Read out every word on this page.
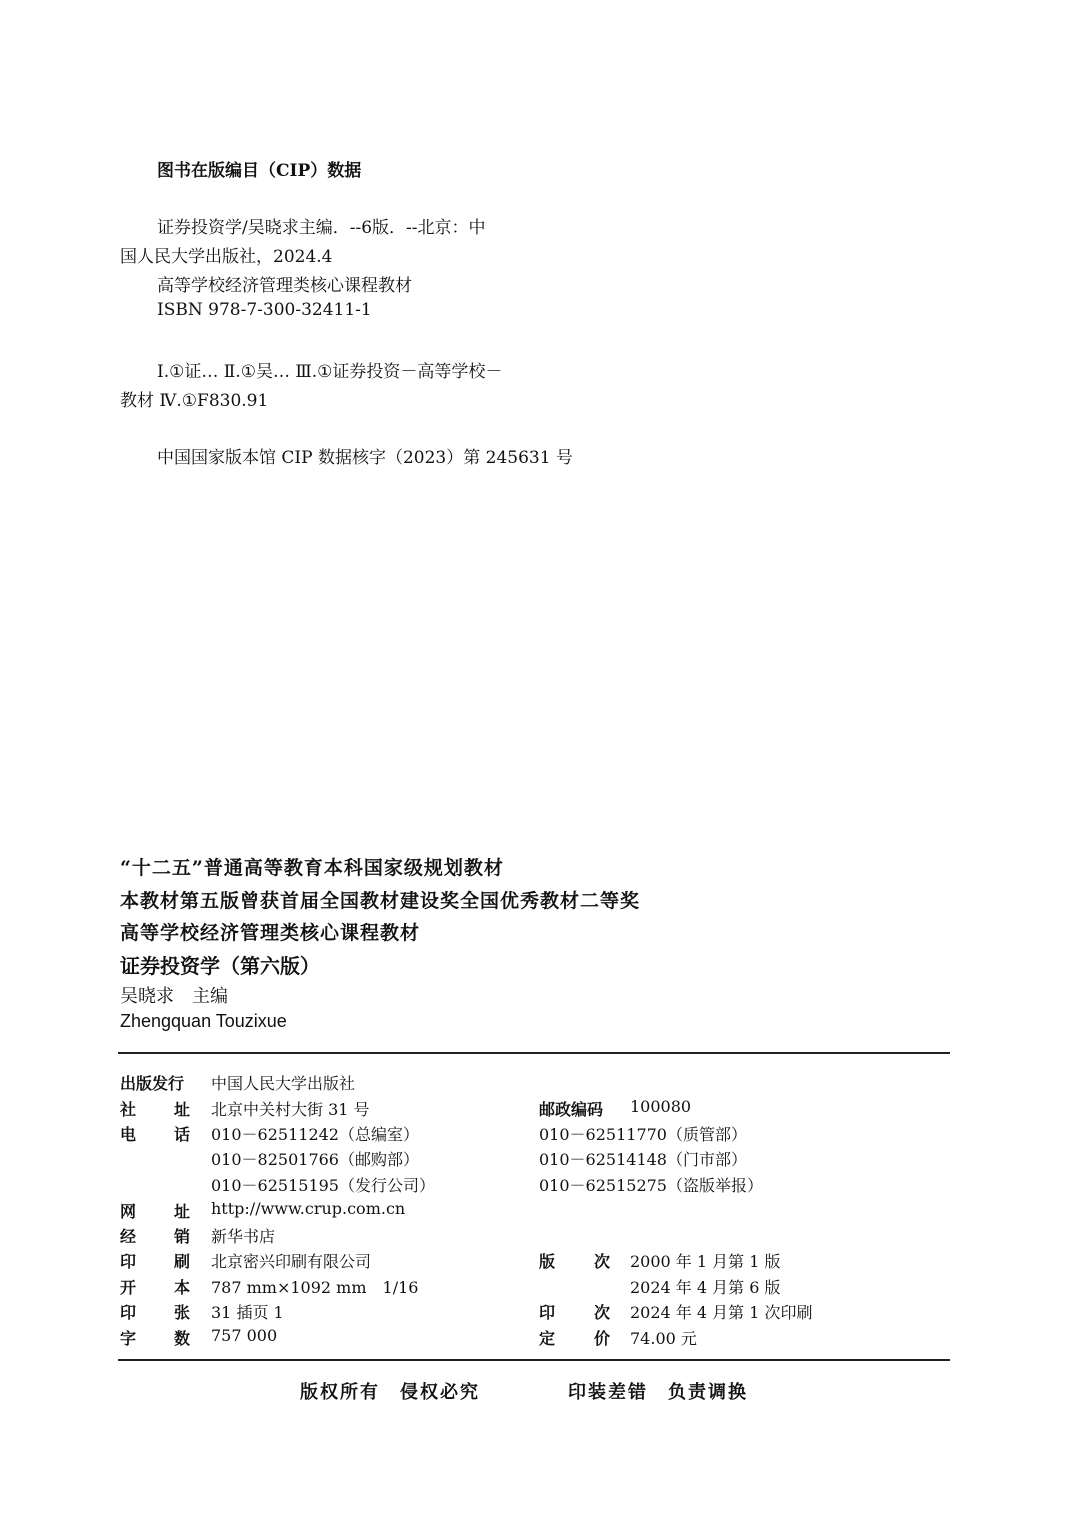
图书在版编目（CIP）数据
证券投资学/吴晓求主编．--6版．--北京：中
国人民大学出版社，2024.4
高等学校经济管理类核心课程教材
ISBN 978-7-300-32411-1
Ⅰ.①证… Ⅱ.①吴… Ⅲ.①证券投资－高等学校－
教材 Ⅳ.①F830.91
中国国家版本馆 CIP 数据核字（2023）第 245631 号
“十二五”普通高等教育本科国家级规划教材
本教材第五版曾获首届全国教材建设奖全国优秀教材二等奖
高等学校经济管理类核心课程教材
证券投资学（第六版）
吴晓求　主编
Zhengquan Touzixue
出版发行 中国人民大学出版社
社 址 北京中关村大街 31 号	邮政编码 100080
电 话 010－62511242（总编室）	010－62511770（质管部）
010－82501766（邮购部）	010－62514148（门市部）
010－62515195（发行公司）	010－62515275（盗版举报）
网 址 http://www.crup.com.cn
经 销 新华书店
印 刷 北京密兴印刷有限公司	版 次 2000 年 1 月第 1 版
开 本 787 mm×1092 mm　1/16	2024 年 4 月第 6 版
印 张 31 插页 1	印 次 2024 年 4 月第 1 次印刷
字 数 757 000	定 价 74.00 元
版权所有　侵权必究	印装差错　负责调换
